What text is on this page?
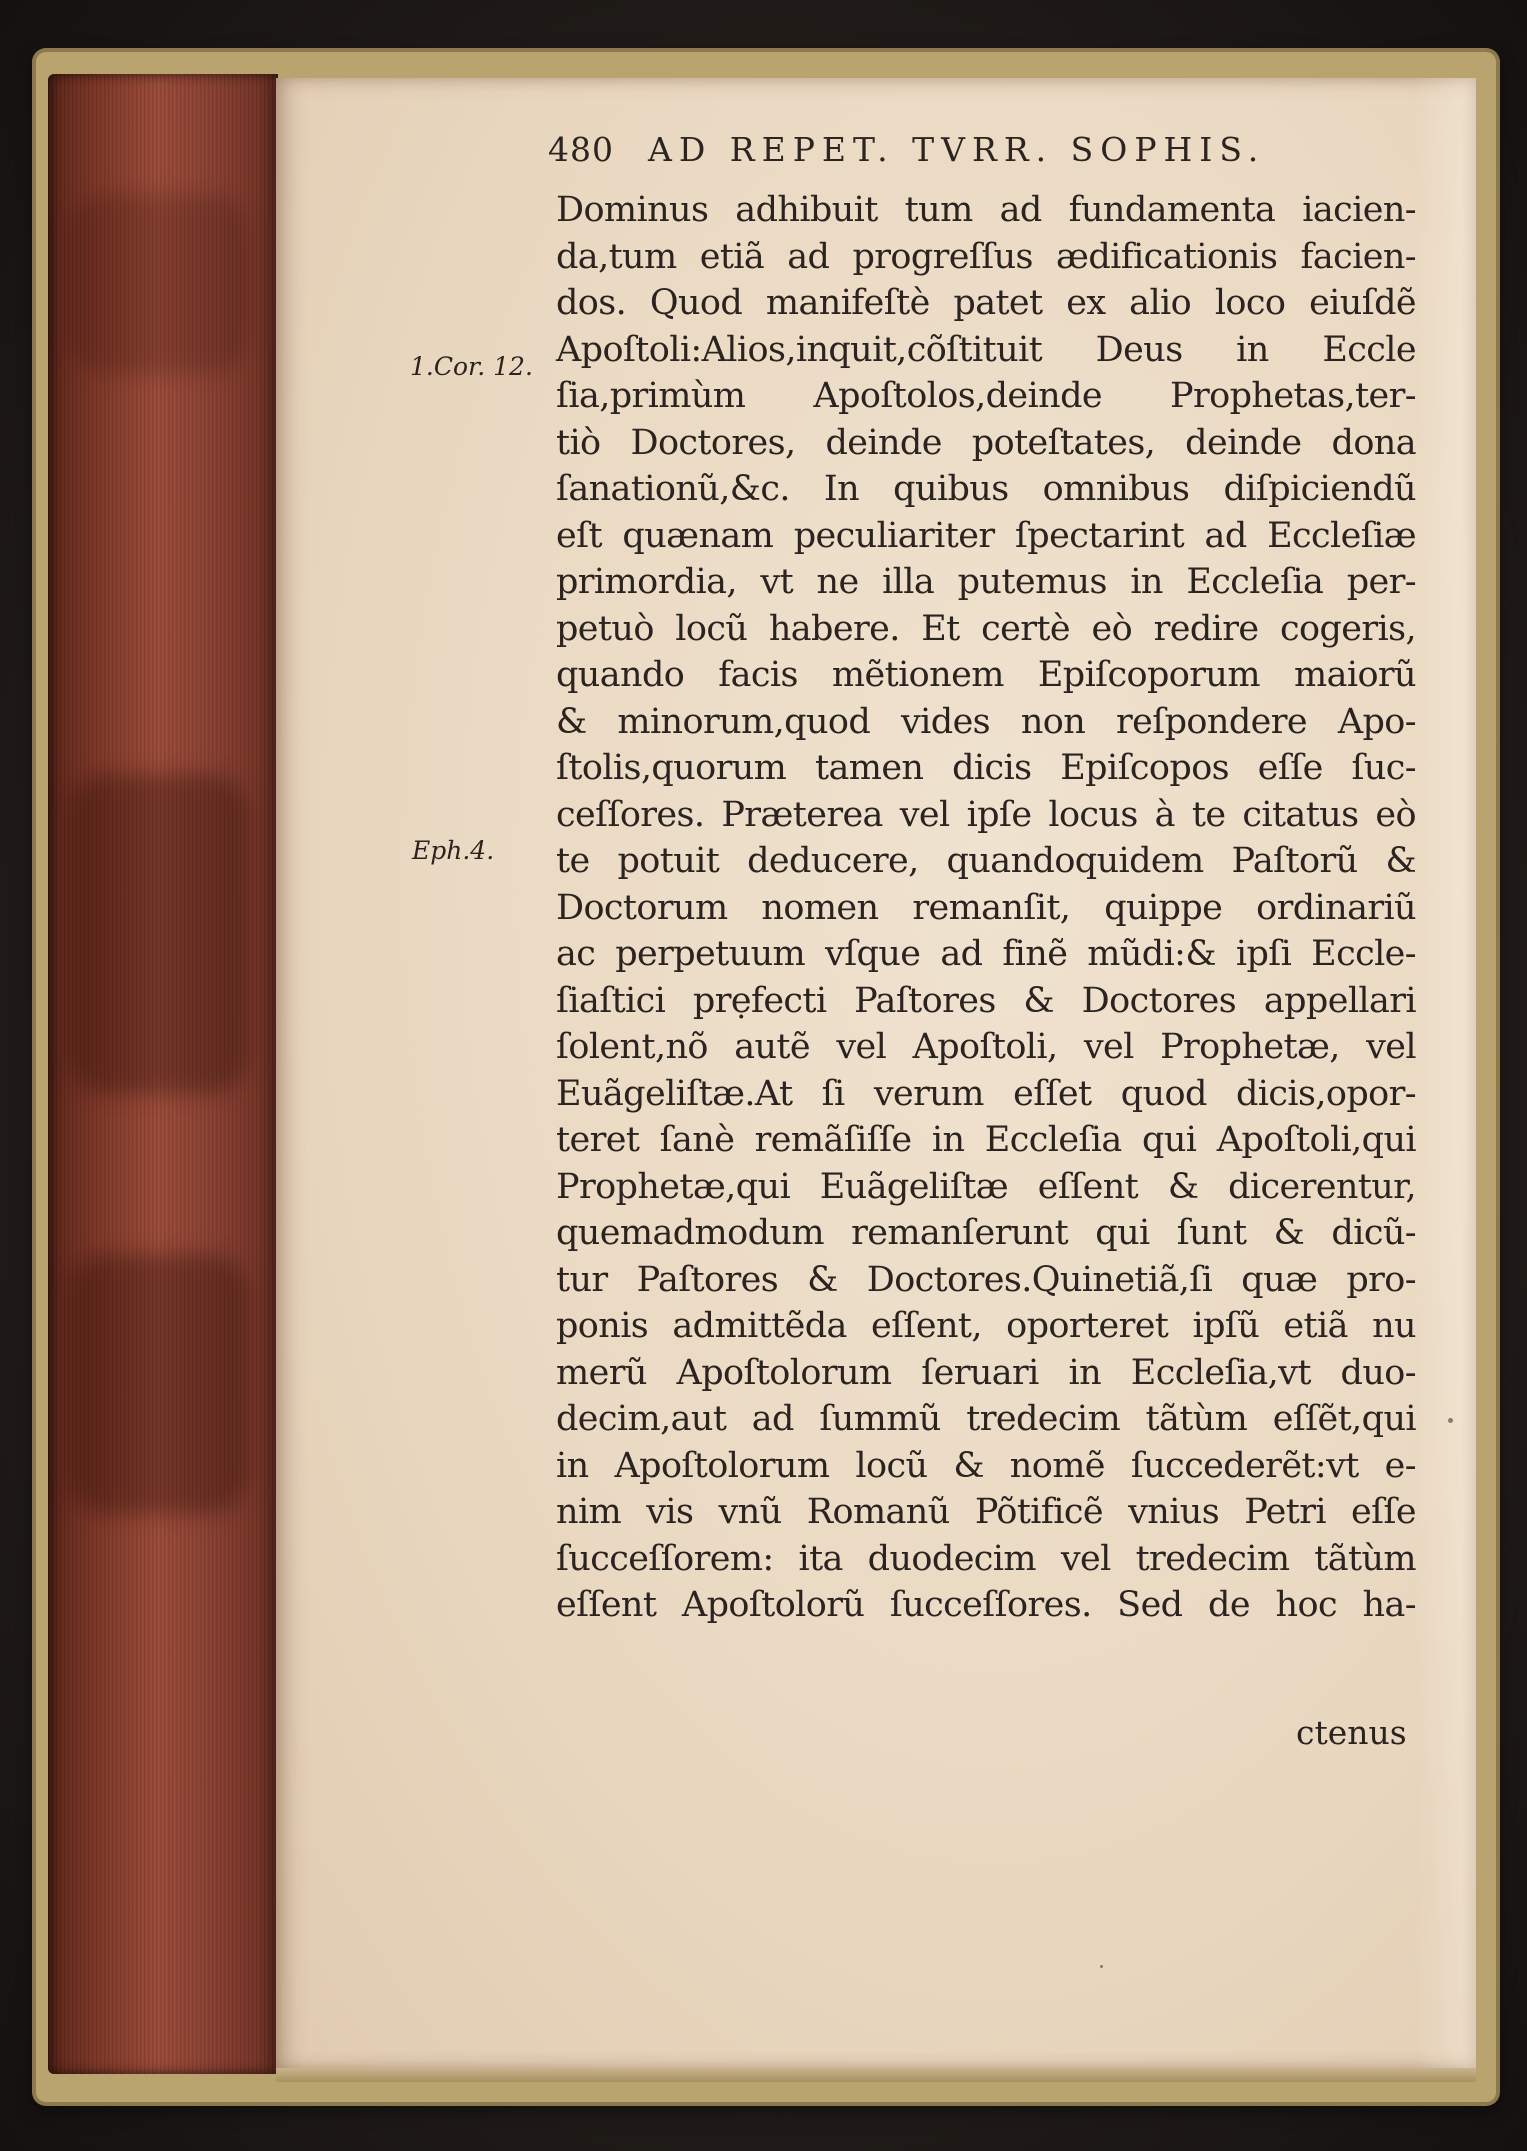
480 AD REPET. TVRR. SOPHIS.
1.Cor. 12.
Eph.4.
Dominus adhibuit tum ad fundamenta iacien-
da,tum etiã ad progreſſus ædificationis facien-
dos. Quod manifeſtè patet ex alio loco eiuſdẽ
Apoſtoli:Alios,inquit,cõſtituit Deus in Eccle
ſia,primùm Apoſtolos,deinde Prophetas,ter-
tiò Doctores, deinde poteſtates, deinde dona
ſanationũ,&c. In quibus omnibus diſpiciendũ
eſt quænam peculiariter ſpectarint ad Eccleſiæ
primordia, vt ne illa putemus in Eccleſia per-
petuò locũ habere. Et certè eò redire cogeris,
quando facis mẽtionem Epiſcoporum maiorũ
& minorum,quod vides non reſpondere Apo-
ſtolis,quorum tamen dicis Epiſcopos eſſe ſuc-
ceſſores. Præterea vel ipſe locus à te citatus eò
te potuit deducere, quandoquidem Paſtorũ &
Doctorum nomen remanſit, quippe ordinariũ
ac perpetuum vſque ad finẽ mũdi:& ipſi Eccle-
ſiaſtici prẹfecti Paſtores & Doctores appellari
ſolent,nõ autẽ vel Apoſtoli, vel Prophetæ, vel
Euãgeliſtæ.At ſi verum eſſet quod dicis,opor-
teret ſanè remãſiſſe in Eccleſia qui Apoſtoli,qui
Prophetæ,qui Euãgeliſtæ eſſent & dicerentur,
quemadmodum remanſerunt qui ſunt & dicũ-
tur Paſtores & Doctores.Quinetiã,ſi quæ pro-
ponis admittẽda eſſent, oporteret ipſũ etiã nu
merũ Apoſtolorum ſeruari in Eccleſia,vt duo-
decim,aut ad ſummũ tredecim tãtùm eſſẽt,qui
in Apoſtolorum locũ & nomẽ ſuccederẽt:vt e-
nim vis vnũ Romanũ Põtificẽ vnius Petri eſſe
ſucceſſorem: ita duodecim vel tredecim tãtùm
eſſent Apoſtolorũ ſucceſſores. Sed de hoc ha-
ctenus
